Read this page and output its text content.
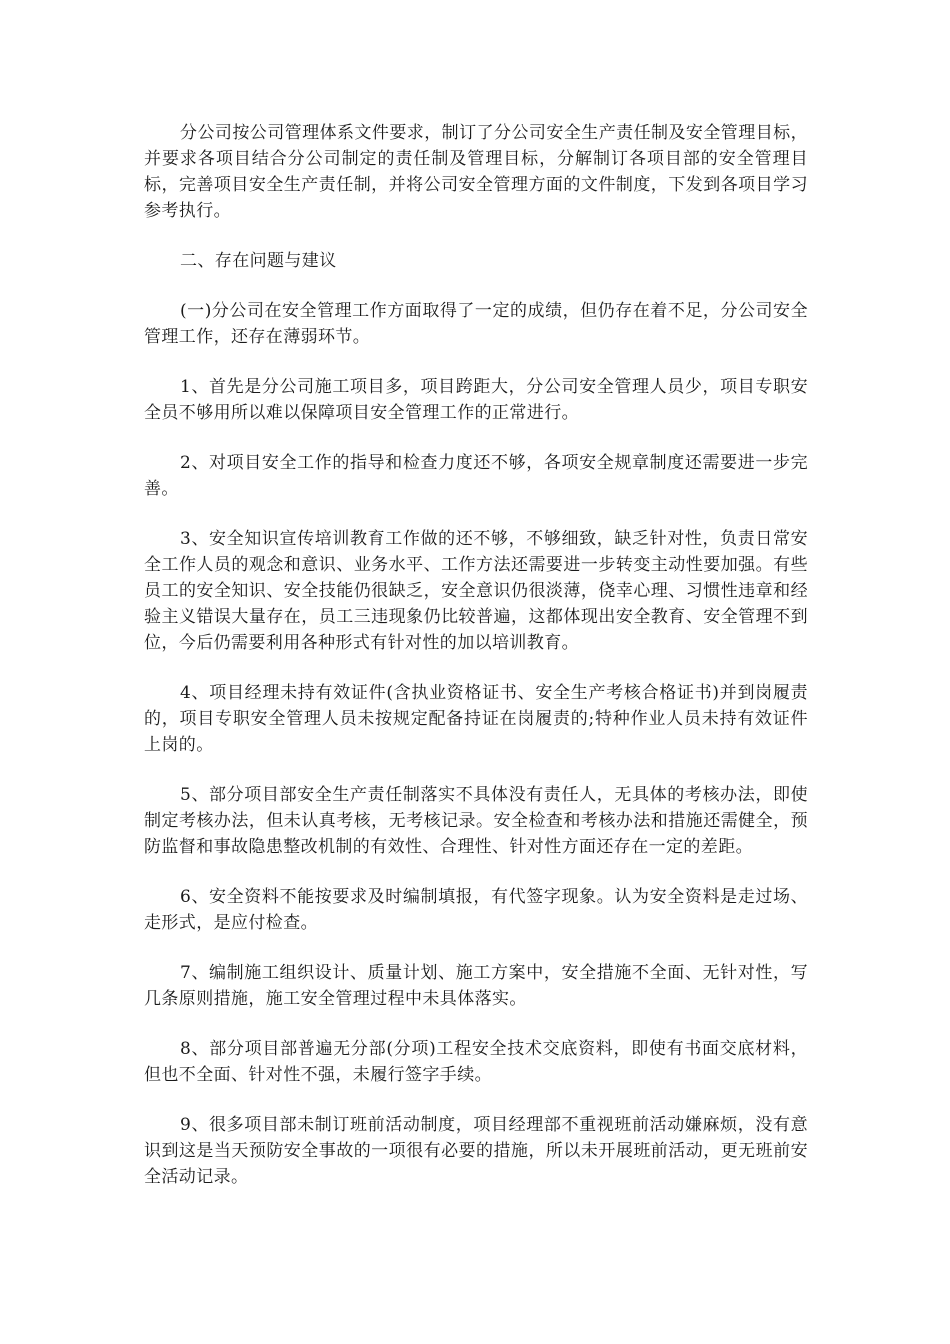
分公司按公司管理体系文件要求，制订了分公司安全生产责任制及安全管理目标，并要求各项目结合分公司制定的责任制及管理目标，分解制订各项目部的安全管理目标，完善项目安全生产责任制，并将公司安全管理方面的文件制度，下发到各项目学习参考执行。

二、存在问题与建议

(一)分公司在安全管理工作方面取得了一定的成绩，但仍存在着不足，分公司安全管理工作，还存在薄弱环节。

1、首先是分公司施工项目多，项目跨距大，分公司安全管理人员少，项目专职安全员不够用所以难以保障项目安全管理工作的正常进行。

2、对项目安全工作的指导和检查力度还不够，各项安全规章制度还需要进一步完善。

3、安全知识宣传培训教育工作做的还不够，不够细致，缺乏针对性，负责日常安全工作人员的观念和意识、业务水平、工作方法还需要进一步转变主动性要加强。有些员工的安全知识、安全技能仍很缺乏，安全意识仍很淡薄，侥幸心理、习惯性违章和经验主义错误大量存在，员工三违现象仍比较普遍，这都体现出安全教育、安全管理不到位，今后仍需要利用各种形式有针对性的加以培训教育。

4、项目经理未持有效证件(含执业资格证书、安全生产考核合格证书)并到岗履责的，项目专职安全管理人员未按规定配备持证在岗履责的;特种作业人员未持有效证件上岗的。

5、部分项目部安全生产责任制落实不具体没有责任人，无具体的考核办法，即使制定考核办法，但未认真考核，无考核记录。安全检查和考核办法和措施还需健全，预防监督和事故隐患整改机制的有效性、合理性、针对性方面还存在一定的差距。

6、安全资料不能按要求及时编制填报，有代签字现象。认为安全资料是走过场、走形式，是应付检查。

7、编制施工组织设计、质量计划、施工方案中，安全措施不全面、无针对性，写几条原则措施，施工安全管理过程中未具体落实。

8、部分项目部普遍无分部(分项)工程安全技术交底资料，即使有书面交底材料，但也不全面、针对性不强，未履行签字手续。

9、很多项目部未制订班前活动制度，项目经理部不重视班前活动嫌麻烦，没有意识到这是当天预防安全事故的一项很有必要的措施，所以未开展班前活动，更无班前安全活动记录。
